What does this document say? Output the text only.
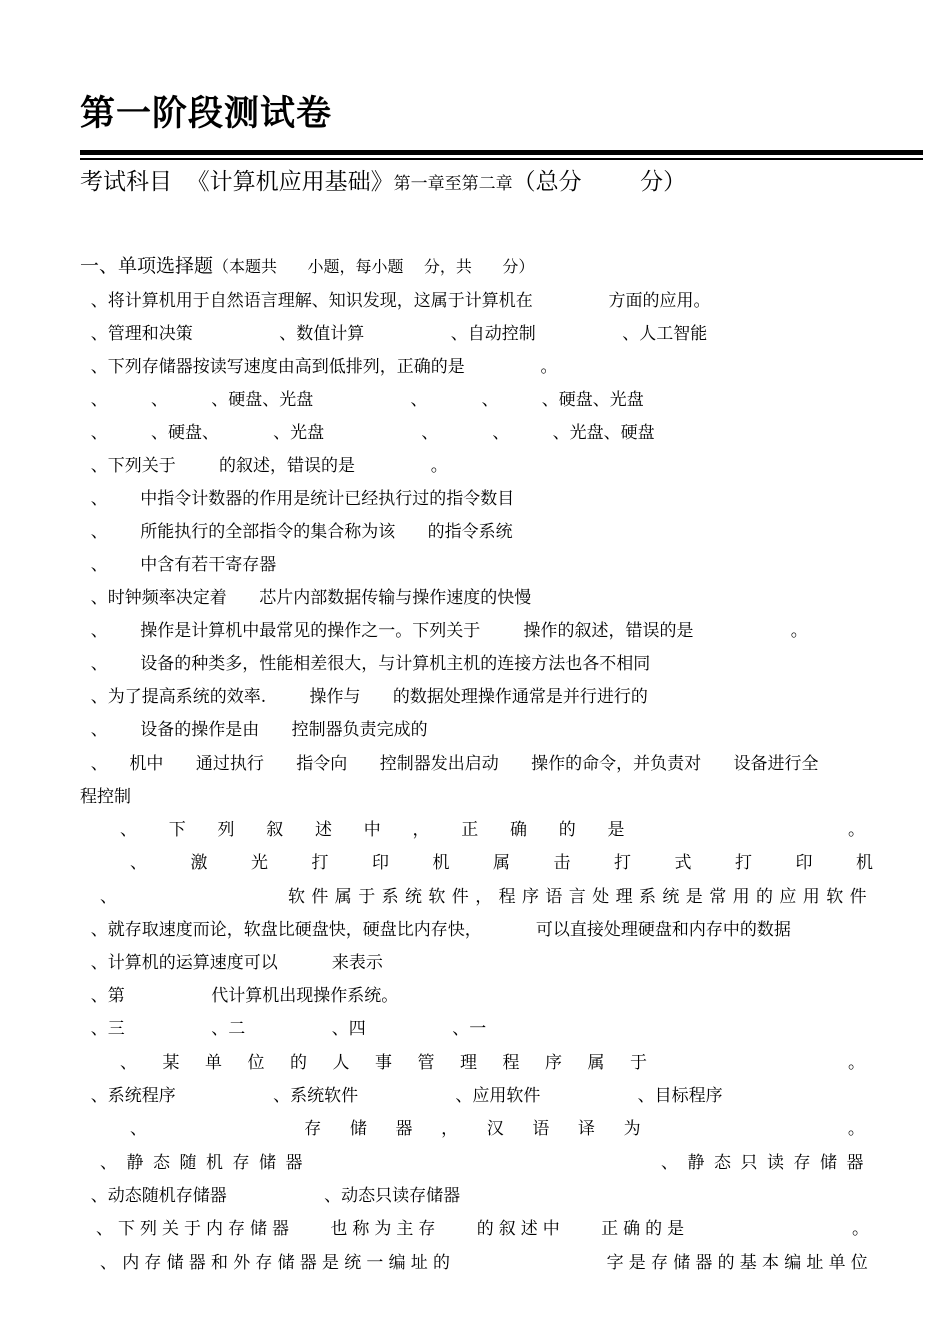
第一阶段测试卷
考试科目  《计算机应用基础》第一章至第二章（总分        分）
一、单项选择题（本题共      小题，每小题    分，共      分）
、将计算机用于自然语言理解、知识发现，这属于计算机在              方面的应用。
、管理和决策                、数值计算                、自动控制                、人工智能
、下列存储器按读写速度由高到低排列，正确的是              。
、        、        、硬盘、光盘                  、          、        、硬盘、光盘
、        、硬盘、          、光盘                  、          、        、光盘、硬盘
、下列关于        的叙述，错误的是              。
、      中指令计数器的作用是统计已经执行过的指令数目
、      所能执行的全部指令的集合称为该      的指令系统
、      中含有若干寄存器
、时钟频率决定着      芯片内部数据传输与操作速度的快慢
、      操作是计算机中最常见的操作之一。下列关于        操作的叙述，错误的是                  。
、      设备的种类多，性能相差很大，与计算机主机的连接方法也各不相同
、为了提高系统的效率.        操作与      的数据处理操作通常是并行进行的
、      设备的操作是由      控制器负责完成的
、    机中      通过执行      指令向      控制器发出启动      操作的命令，并负责对      设备进行全
程控制
、 下 列 叙 述 中 ， 正 确 的 是	。
、	激	光	打	印	机	属	击	打	式	打	印	机
、	软件属于系统软件，程序语言处理系统是常用的应用软件
、就存取速度而论，软盘比硬盘快，硬盘比内存快，          可以直接处理硬盘和内存中的数据
、计算机的运算速度可以          来表示
、第                代计算机出现操作系统。
、三                、二                、四                、一
、 某 单 位 的 人 事 管 理 程 序 属 于	。
、系统程序                  、系统软件                  、应用软件                  、目标程序
、	存 储 器 ， 汉 语 译 为	。
、静态随机存储器	、静态只读存储器
、动态随机存储器                  、动态只读存储器
、下列关于内存储器 也称为主存 的叙述中 正确的是	。
、内存储器和外存储器是统一编址的	字是存储器的基本编址单位
